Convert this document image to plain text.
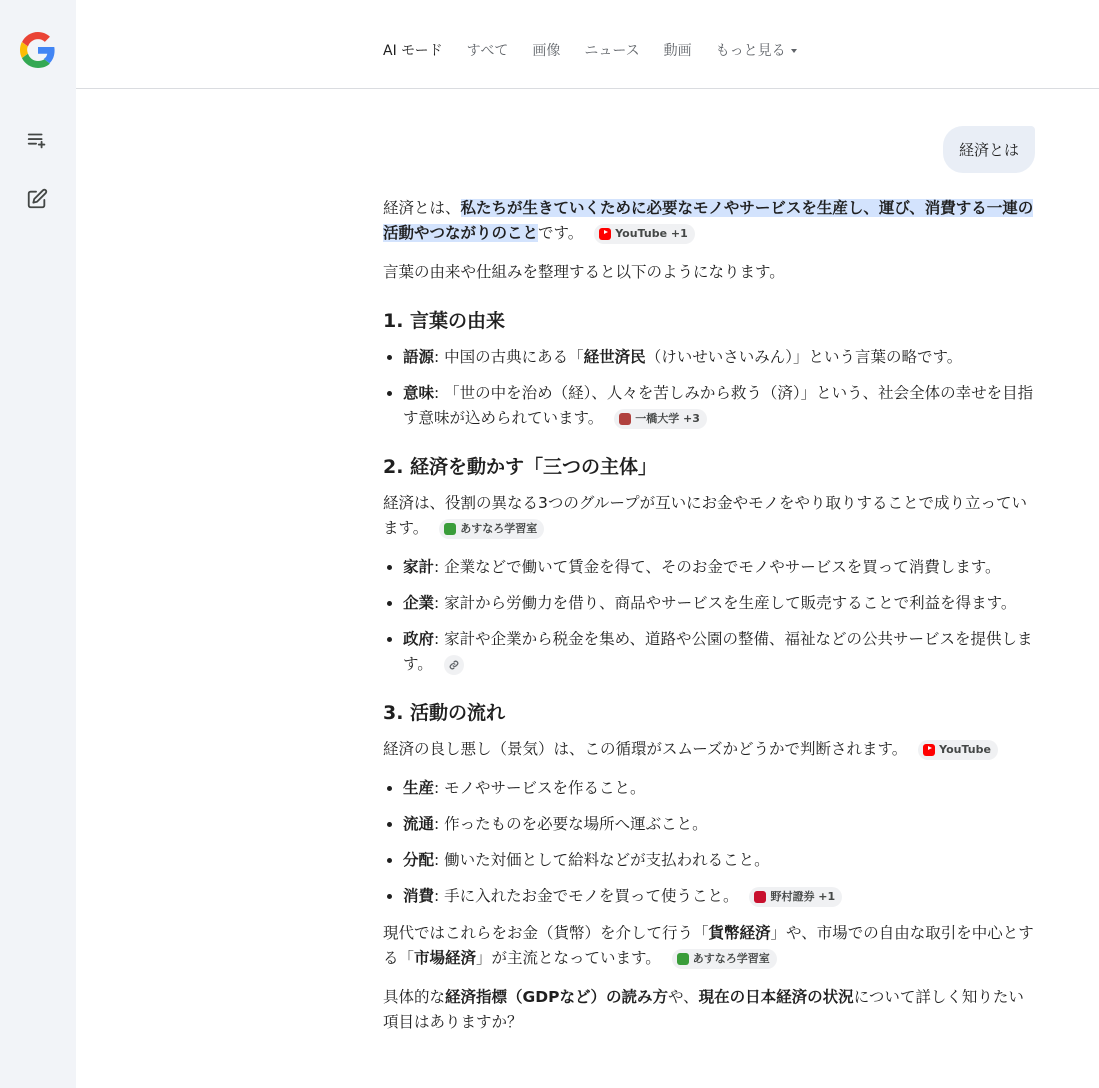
AI モード すべて 画像 ニュース 動画 もっと見る
経済とは

経済とは、私たちが生きていくために必要なモノやサービスを生産し、運び、消費する一連の活動やつながりのことです。	YouTube +1

言葉の由来や仕組みを整理すると以下のようになります。

1. 言葉の由来
• 語源: 中国の古典にある「経世済民（けいせいさいみん）」という言葉の略です。
• 意味: 「世の中を治め（経）、人々を苦しみから救う（済）」という、社会全体の幸せを目指す意味が込められています。	一橋大学 +3
2. 経済を動かす「三つの主体」

経済は、役割の異なる3つのグループが互いにお金やモノをやり取りすることで成り立っています。	あすなろ学習室

• 家計: 企業などで働いて賃金を得て、そのお金でモノやサービスを買って消費します。
• 企業: 家計から労働力を借り、商品やサービスを生産して販売することで利益を得ます。
• 政府: 家計や企業から税金を集め、道路や公園の整備、福祉などの公共サービスを提供します。
3. 活動の流れ

経済の良し悪し（景気）は、この循環がスムーズかどうかで判断されます。	YouTube

• 生産: モノやサービスを作ること。
• 流通: 作ったものを必要な場所へ運ぶこと。
• 分配: 働いた対価として給料などが支払われること。
• 消費: 手に入れたお金でモノを買って使うこと。	野村證券 +1

現代ではこれらをお金（貨幣）を介して行う「貨幣経済」や、市場での自由な取引を中心とする「市場経済」が主流となっています。	あすなろ学習室

具体的な経済指標（GDPなど）の読み方や、現在の日本経済の状況について詳しく知りたい項目はありますか？
